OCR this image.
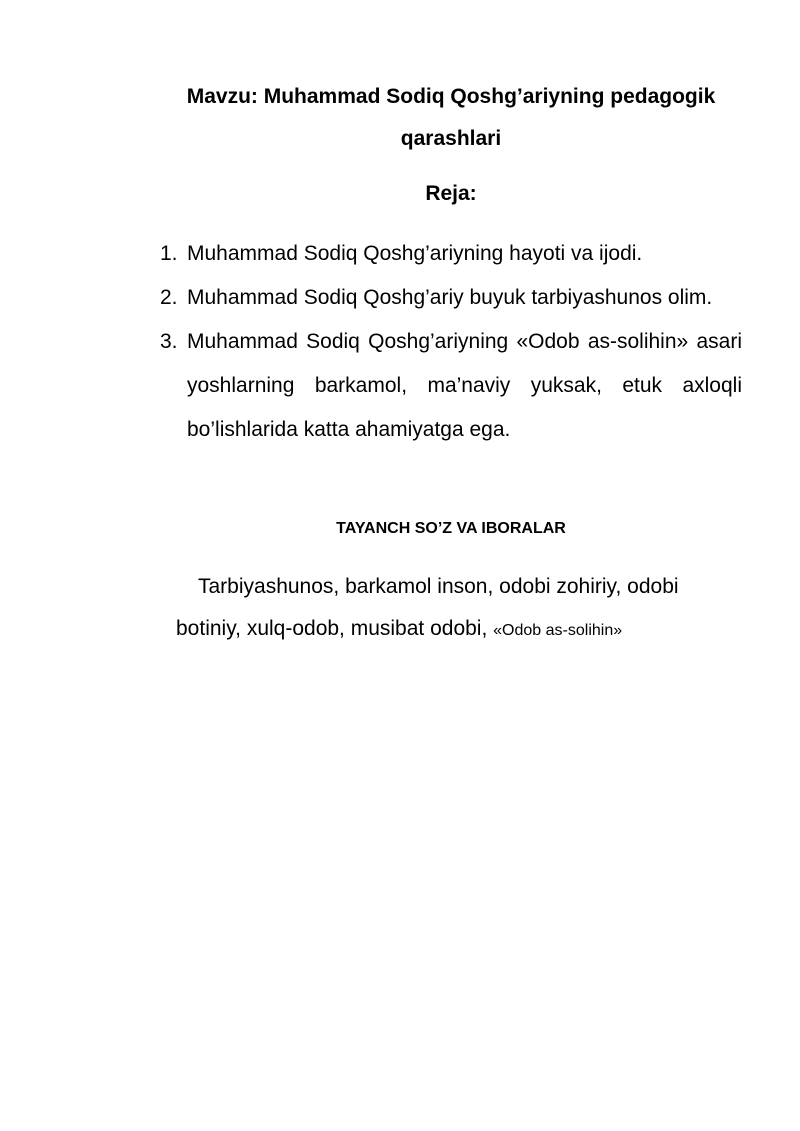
Mavzu: Muhammad Sodiq Qoshg’ariyning pedagogik qarashlari
Reja:
1. Muhammad Sodiq Qoshg’ariyning hayoti va ijodi.
2. Muhammad Sodiq Qoshg’ariy buyuk tarbiyashunos olim.
3. Muhammad Sodiq Qoshg’ariyning «Odob as-solihin» asari yoshlarning barkamol, ma’naviy yuksak, etuk axloqli bo’lishlarida katta ahamiyatga ega.
TAYANCH SO’Z VA IBORALAR
Tarbiyashunos, barkamol inson, odobi zohiriy, odobi botiniy, xulq-odob, musibat odobi, «Odob as-solihin»
